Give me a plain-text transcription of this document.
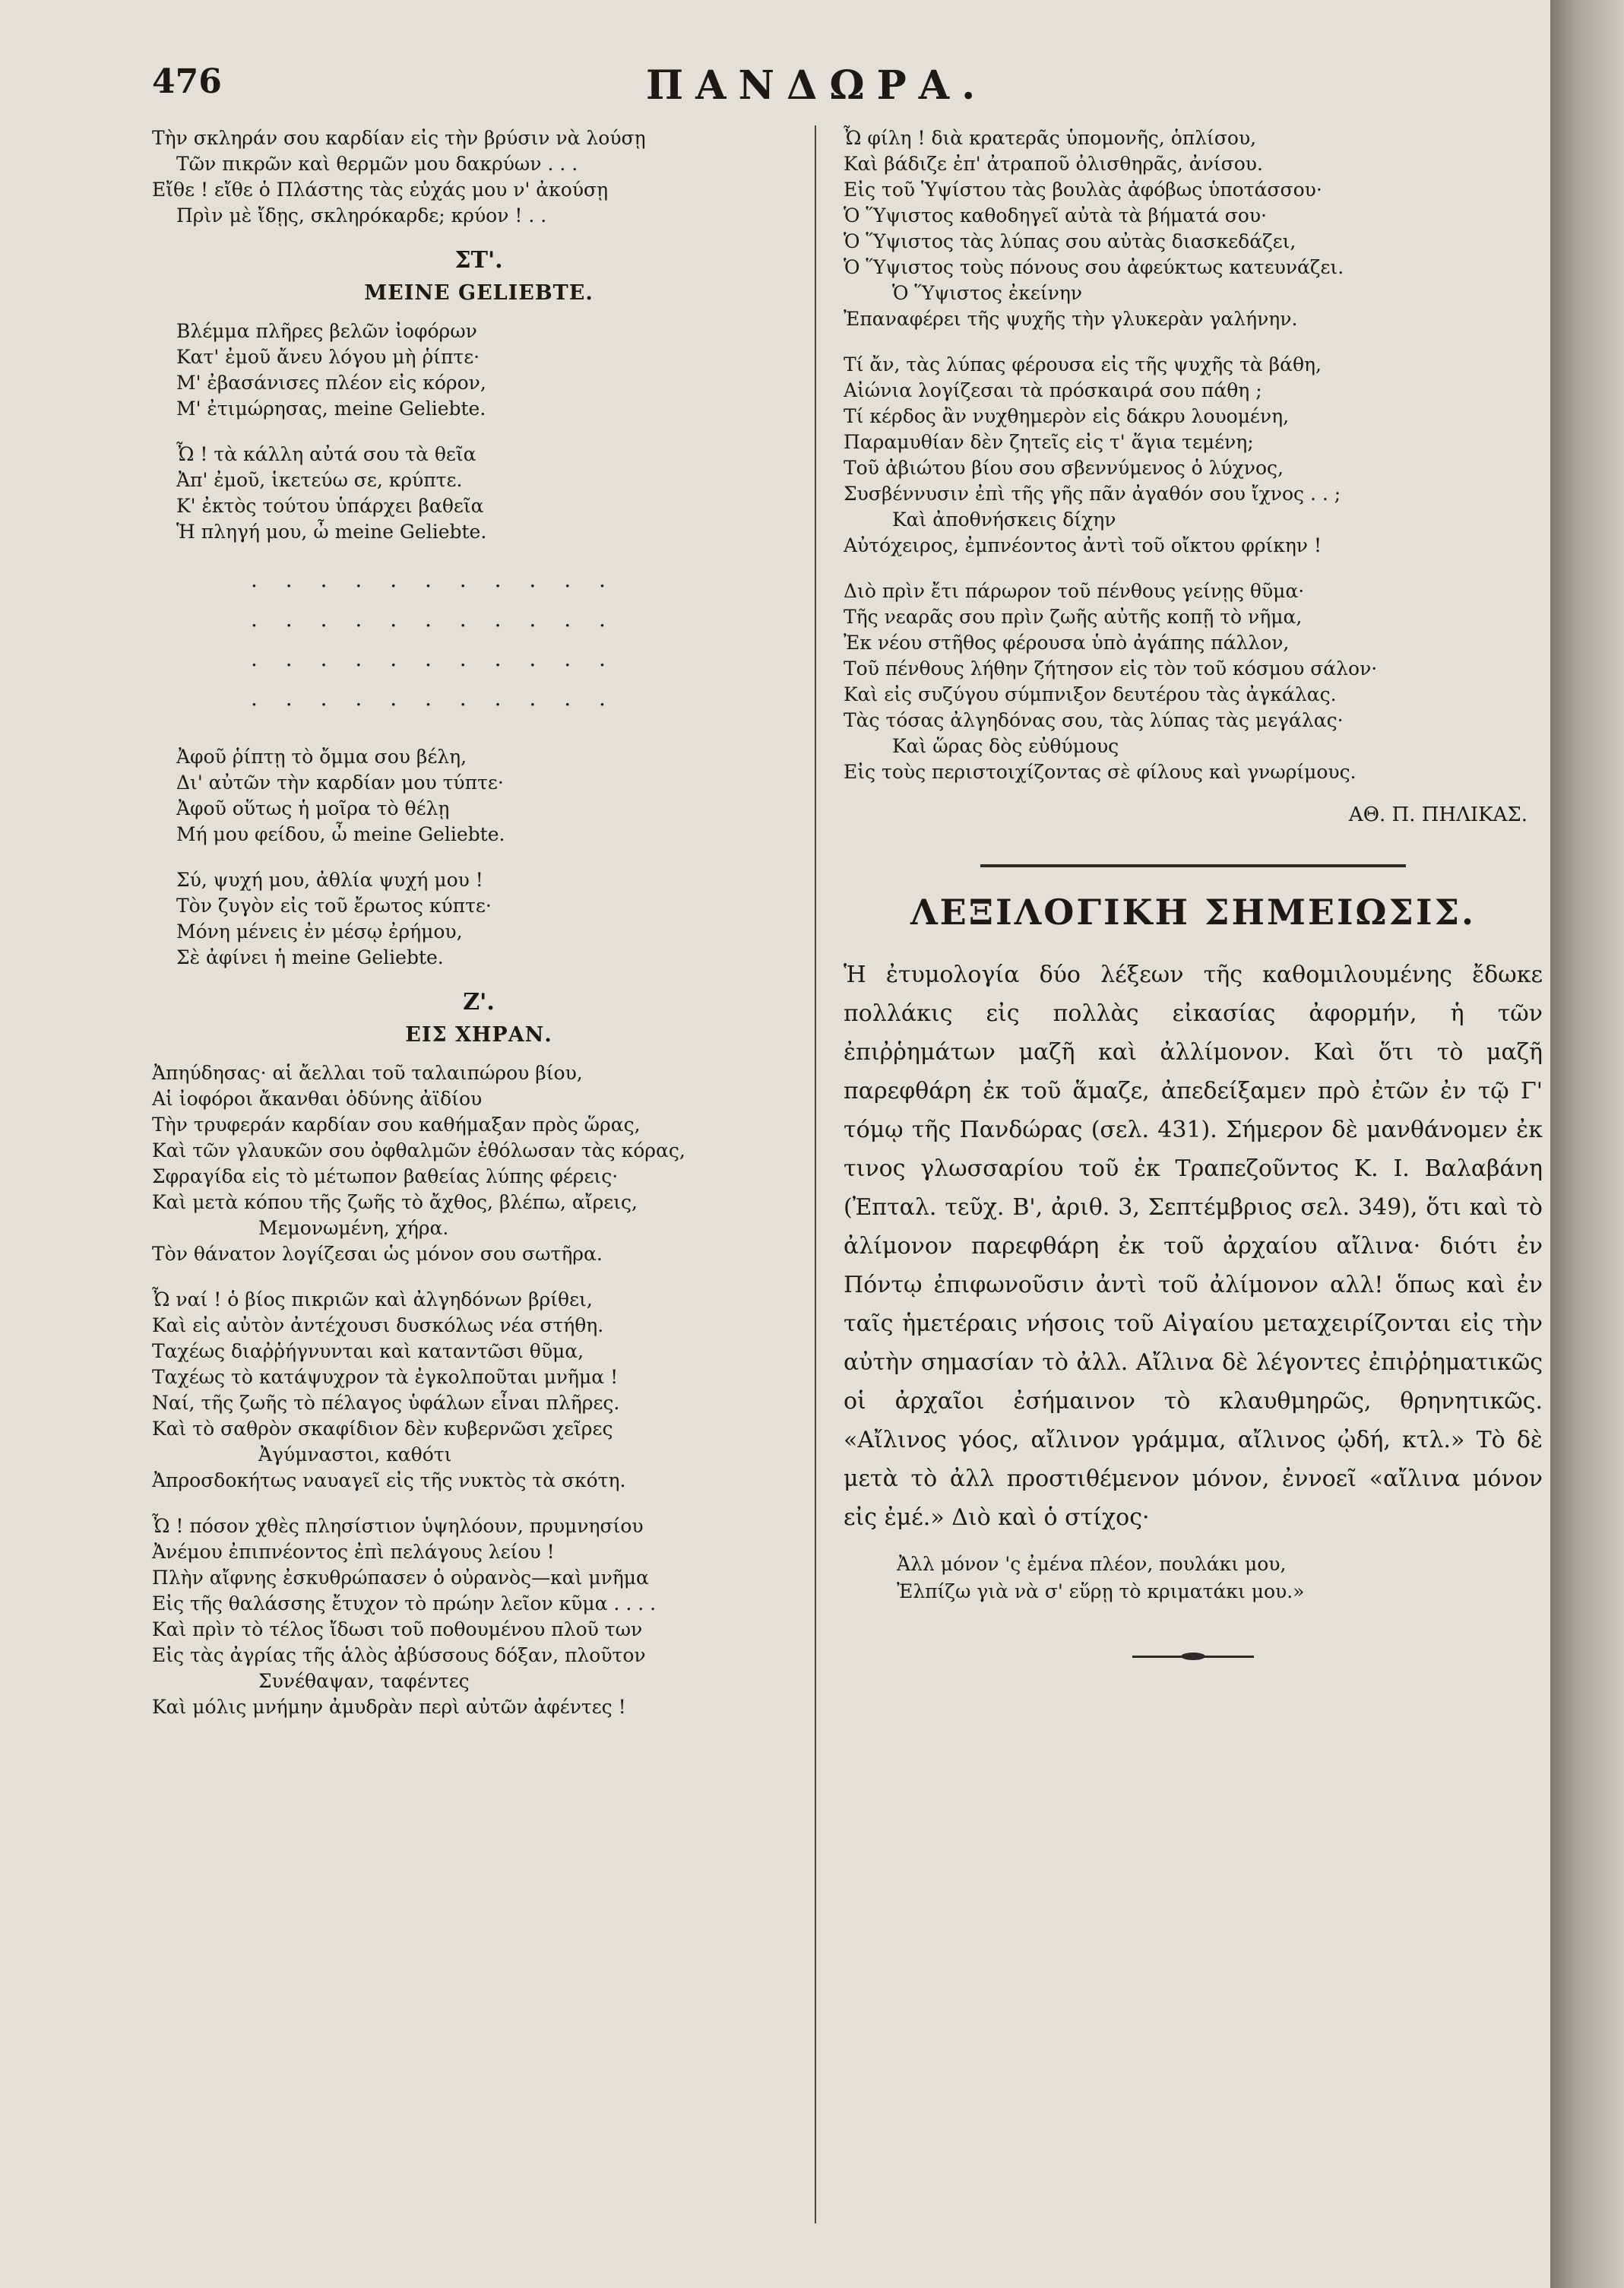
476	ΠΑΝΔΩΡΑ.
Τὴν σκληράν σου καρδίαν εἰς τὴν βρύσιν νὰ λούσῃ
Τῶν πικρῶν καὶ θερμῶν μου δακρύων . . .
Εἴθε ! εἴθε ὁ Πλάστης τὰς εὐχάς μου ν' ἀκούσῃ
Πρὶν μὲ ἴδῃς, σκληρόκαρδε; κρύον ! . .
ΣΤ'.
MEINE GELIEBTE.
Βλέμμα πλῆρες βελῶν ἰοφόρων
Κατ' ἐμοῦ ἄνευ λόγου μὴ ῥίπτε·
Μ' ἐβασάνισες πλέον εἰς κόρον,
Μ' ἐτιμώρησας, meine Geliebte.
Ὦ ! τὰ κάλλη αὐτά σου τὰ θεῖα
Ἀπ' ἐμοῦ, ἱκετεύω σε, κρύπτε.
Κ' ἐκτὸς τούτου ὑπάρχει βαθεῖα
Ἡ πληγή μου, ὦ meine Geliebte.
. . . . . . . . . . .
. . . . . . . . . . .
. . . . . . . . . . .
. . . . . . . . . . .
Ἀφοῦ ῥίπτῃ τὸ ὄμμα σου βέλη,
Δι' αὐτῶν τὴν καρδίαν μου τύπτε·
Ἀφοῦ οὕτως ἡ μοῖρα τὸ θέλῃ
Μή μου φείδου, ὦ meine Geliebte.
Σύ, ψυχή μου, ἀθλία ψυχή μου !
Τὸν ζυγὸν εἰς τοῦ ἔρωτος κύπτε·
Μόνη μένεις ἐν μέσῳ ἐρήμου,
Σὲ ἀφίνει ἡ meine Geliebte.
Ζ'.
ΕΙΣ ΧΗΡΑΝ.
Ἀπηύδησας· αἱ ἄελλαι τοῦ ταλαιπώρου βίου,
Αἱ ἰοφόροι ἄκανθαι ὀδύνης ἀϊδίου
Τὴν τρυφεράν καρδίαν σου καθήμαξαν πρὸς ὥρας,
Καὶ τῶν γλαυκῶν σου ὀφθαλμῶν ἐθόλωσαν τὰς κόρας,
Σφραγίδα εἰς τὸ μέτωπον βαθείας λύπης φέρεις·
Καὶ μετὰ κόπου τῆς ζωῆς τὸ ἄχθος, βλέπω, αἴρεις,
Μεμονωμένη, χήρα.
Τὸν θάνατον λογίζεσαι ὡς μόνον σου σωτῆρα.
Ὦ ναί ! ὁ βίος πικριῶν καὶ ἀλγηδόνων βρίθει,
Καὶ εἰς αὐτὸν ἀντέχουσι δυσκόλως νέα στήθη.
Ταχέως διαῤῥήγνυνται καὶ καταντῶσι θῦμα,
Ταχέως τὸ κατάψυχρον τὰ ἐγκολποῦται μνῆμα !
Ναί, τῆς ζωῆς τὸ πέλαγος ὑφάλων εἶναι πλῆρες.
Καὶ τὸ σαθρὸν σκαφίδιον δὲν κυβερνῶσι χεῖρες
Ἀγύμναστοι, καθότι
Ἀπροσδοκήτως ναυαγεῖ εἰς τῆς νυκτὸς τὰ σκότη.
Ὦ ! πόσον χθὲς πλησίστιον ὑψηλόουν, πρυμνησίου
Ἀνέμου ἐπιπνέοντος ἐπὶ πελάγους λείου !
Πλὴν αἴφνης ἐσκυθρώπασεν ὁ οὐρανὸς—καὶ μνῆμα
Εἰς τῆς θαλάσσης ἔτυχον τὸ πρώην λεῖον κῦμα . . . .
Καὶ πρὶν τὸ τέλος ἴδωσι τοῦ ποθουμένου πλοῦ των
Εἰς τὰς ἀγρίας τῆς ἁλὸς ἀβύσσους δόξαν, πλοῦτον
Συνέθαψαν, ταφέντες
Καὶ μόλις μνήμην ἀμυδρὰν περὶ αὐτῶν ἀφέντες !
Ὦ φίλη ! διὰ κρατερᾶς ὑπομονῆς, ὁπλίσου,
Καὶ βάδιζε ἐπ' ἀτραποῦ ὀλισθηρᾶς, ἀνίσου.
Εἰς τοῦ Ὑψίστου τὰς βουλὰς ἀφόβως ὑποτάσσου·
Ὁ Ὕψιστος καθοδηγεῖ αὐτὰ τὰ βήματά σου·
Ὁ Ὕψιστος τὰς λύπας σου αὐτὰς διασκεδάζει,
Ὁ Ὕψιστος τοὺς πόνους σου ἀφεύκτως κατευνάζει.
Ὁ Ὕψιστος ἐκείνην
Ἐπαναφέρει τῆς ψυχῆς τὴν γλυκερὰν γαλήνην.
Τί ἄν, τὰς λύπας φέρουσα εἰς τῆς ψυχῆς τὰ βάθη,
Αἰώνια λογίζεσαι τὰ πρόσκαιρά σου πάθη ;
Τί κέρδος ἂν νυχθημερὸν εἰς δάκρυ λουομένη,
Παραμυθίαν δὲν ζητεῖς εἰς τ' ἅγια τεμένη;
Τοῦ ἀβιώτου βίου σου σβεννύμενος ὁ λύχνος,
Συσβέννυσιν ἐπὶ τῆς γῆς πᾶν ἀγαθόν σου ἴχνος . . ;
Καὶ ἀποθνήσκεις δίχην
Αὐτόχειρος, ἐμπνέοντος ἀντὶ τοῦ οἴκτου φρίκην !
Διὸ πρὶν ἔτι πάρωρον τοῦ πένθους γείνῃς θῦμα·
Τῆς νεαρᾶς σου πρὶν ζωῆς αὐτῆς κοπῇ τὸ νῆμα,
Ἐκ νέου στῆθος φέρουσα ὑπὸ ἀγάπης πάλλον,
Τοῦ πένθους λήθην ζήτησον εἰς τὸν τοῦ κόσμου σάλον·
Καὶ εἰς συζύγου σύμπνιξον δευτέρου τὰς ἀγκάλας.
Τὰς τόσας ἀλγηδόνας σου, τὰς λύπας τὰς μεγάλας·
Καὶ ὥρας δὸς εὐθύμους
Εἰς τοὺς περιστοιχίζοντας σὲ φίλους καὶ γνωρίμους.
ΑΘ. Π. ΠΗΛΙΚΑΣ.
ΛΕΞΙΛΟΓΙΚΗ ΣΗΜΕΙΩΣΙΣ.

Ἡ ἐτυμολογία δύο λέξεων τῆς καθομιλουμένης ἔδωκε πολλάκις εἰς πολλὰς εἰκασίας ἀφορμήν, ἡ τῶν ἐπιῤῥημάτων μαζῆ καὶ ἀλλίμονον. Καὶ ὅτι τὸ μαζῆ παρεφθάρη ἐκ τοῦ ἅμαζε, ἀπεδείξαμεν πρὸ ἐτῶν ἐν τῷ Γ' τόμῳ τῆς Πανδώρας (σελ. 431). Σήμερον δὲ μανθάνομεν ἐκ τινος γλωσσαρίου τοῦ ἐκ Τραπεζοῦντος Κ. Ι. Βαλαβάνη (Ἐπταλ. τεῦχ. Β', ἀριθ. 3, Σεπτέμβριος σελ. 349), ὅτι καὶ τὸ ἀλίμονον παρεφθάρη ἐκ τοῦ ἀρχαίου αἴλινα· διότι ἐν Πόντῳ ἐπιφωνοῦσιν ἀντὶ τοῦ ἀλίμονον αλλ! ὅπως καὶ ἐν ταῖς ἡμετέραις νήσοις τοῦ Αἰγαίου μεταχειρίζονται εἰς τὴν αὐτὴν σημασίαν τὸ ἀλλ. Αἴλινα δὲ λέγοντες ἐπιῤῥηματικῶς οἱ ἀρχαῖοι ἐσήμαινον τὸ κλαυθμηρῶς, θρηνητικῶς. «Αἴλινος γόος, αἴλινον γράμμα, αἴλινος ᾠδή, κτλ.» Τὸ δὲ μετὰ τὸ ἀλλ προστιθέμενον μόνον, ἐννοεῖ «αἴλινα μόνον εἰς ἐμέ.» Διὸ καὶ ὁ στίχος·

Ἀλλ μόνον 'ς ἐμένα πλέον, πουλάκι μου,
Ἐλπίζω γιὰ νὰ σ' εὕρῃ τὸ κριματάκι μου.»
